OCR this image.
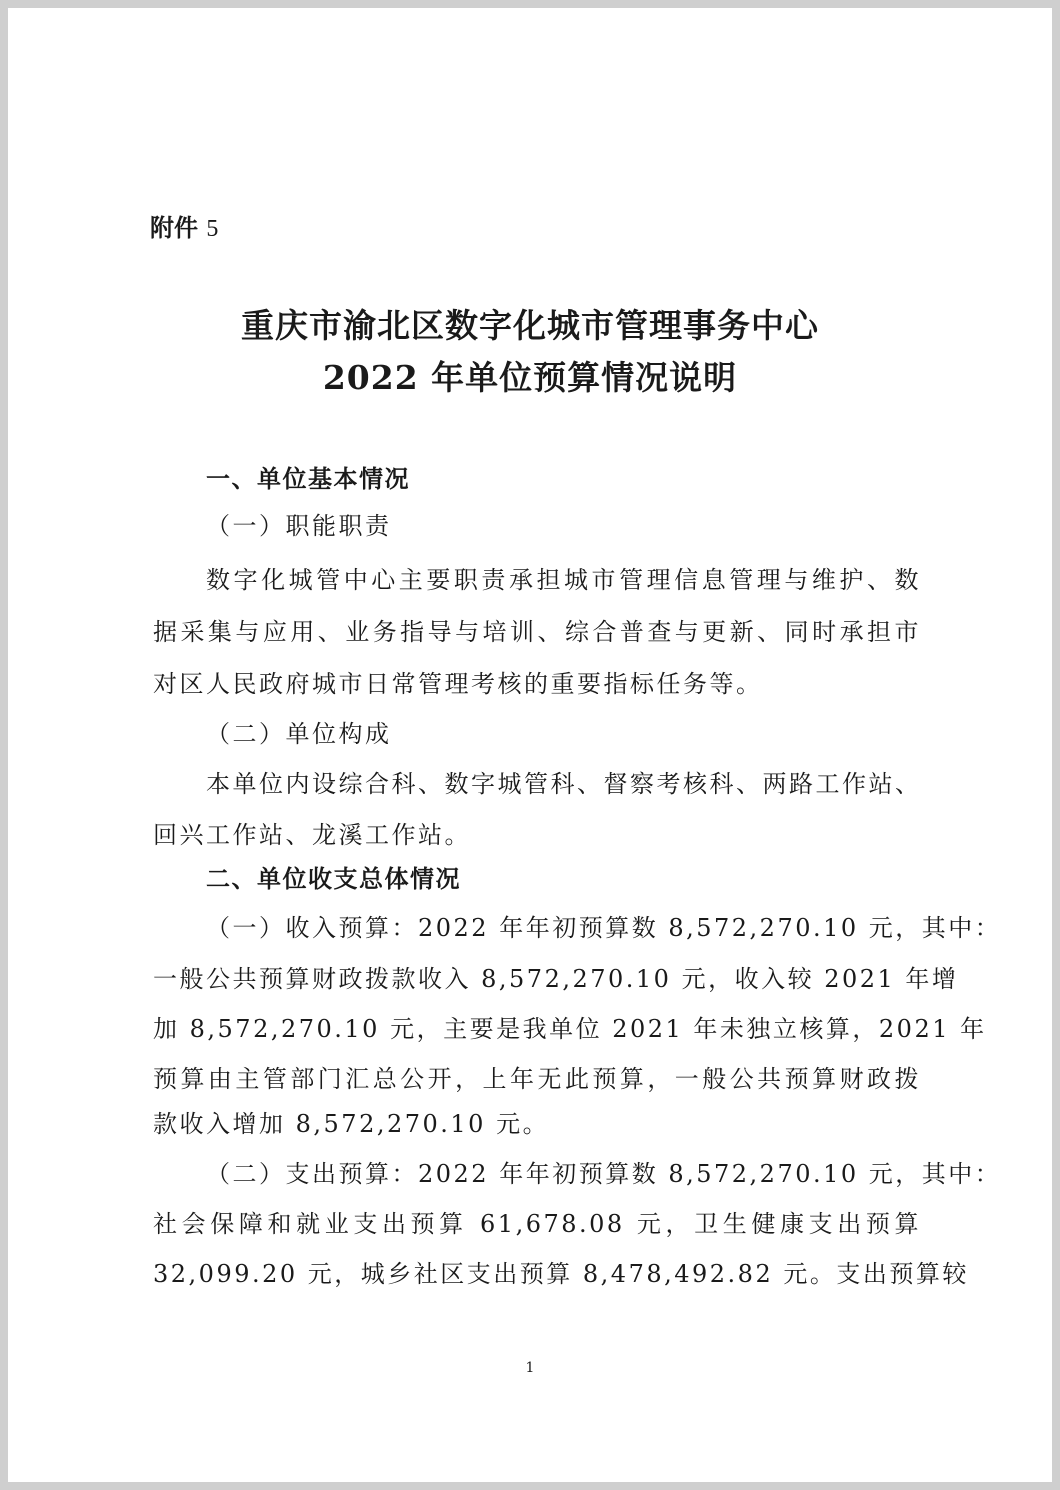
附件 5
重庆市渝北区数字化城市管理事务中心
2022 年单位预算情况说明
一、单位基本情况
（一）职能职责
数字化城管中心主要职责承担城市管理信息管理与维护、数
据采集与应用、业务指导与培训、综合普查与更新、同时承担市
对区人民政府城市日常管理考核的重要指标任务等。
（二）单位构成
本单位内设综合科、数字城管科、督察考核科、两路工作站、
回兴工作站、龙溪工作站。
二、单位收支总体情况
（一）收入预算：2022 年年初预算数 8,572,270.10 元，其中：
一般公共预算财政拨款收入 8,572,270.10 元，收入较 2021 年增
加 8,572,270.10 元，主要是我单位 2021 年未独立核算，2021 年
预算由主管部门汇总公开，上年无此预算，一般公共预算财政拨
款收入增加 8,572,270.10 元。
（二）支出预算：2022 年年初预算数 8,572,270.10 元，其中：
社会保障和就业支出预算 61,678.08 元，卫生健康支出预算
32,099.20 元，城乡社区支出预算 8,478,492.82 元。支出预算较
1
